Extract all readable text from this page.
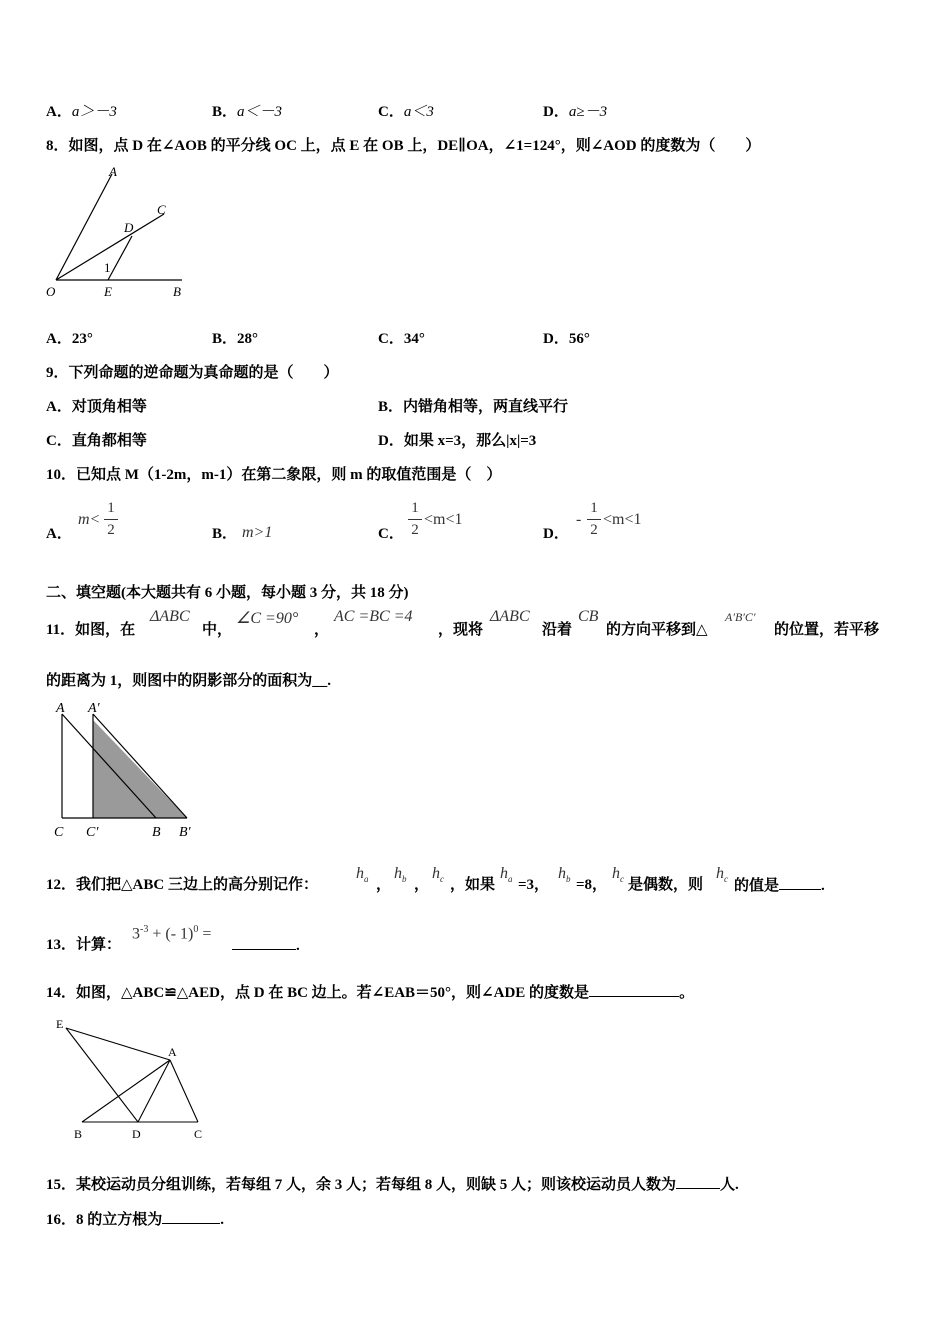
A．a＞－3	B．a＜－3	C．a＜3	D．a≥－3
8．如图，点 D 在∠AOB 的平分线 OC 上，点 E 在 OB 上，DE∥OA，∠1=124°，则∠AOD 的度数为（　　）
A
C
D
1
O	E	B
A．23°	B．28°	C．34°	D．56°
9．下列命题的逆命题为真命题的是（　　）
A．对顶角相等	B．内错角相等，两直线平行
C．直角都相等	D．如果 x=3，那么|x|=3
10．已知点 M（1-2m，m-1）在第二象限，则 m 的取值范围是（　）
A．
m<
1
2	B． m>1	C．
1
2
<m<1
D．
-
1
2
<m<1
二、填空题(本大题共有 6 小题，每小题 3 分，共 18 分)
11．如图，在
ΔABC
中，
∠C =90°
，
AC =BC =4
，现将
ΔABC
沿着
CB
的方向平移到△
A′B′C′
的位置，若平移
的距离为 1，则图中的阴影部分的面积为__.
A A′
C C′	B B′
12．我们把△ABC 三边上的高分别记作：
$h_a$ ，
$h_b$ ，
$h_c$ ，如果
$h_a =3$，
$h_b =8$，
$h_c$ 是偶数，则
$h_c$ 的值是	.
13．计算：
$3^{-3}$ + (- 1)$^0$ =
.
14．如图，△ABC≌△AED，点 D 在 BC 边上。若∠EAB＝50°，则∠ADE 的度数是	。
E
A
B	D	C
15．某校运动员分组训练，若每组 7 人，余 3 人；若每组 8 人，则缺 5 人；则该校运动员人数为	人.
16．8 的立方根为	.
